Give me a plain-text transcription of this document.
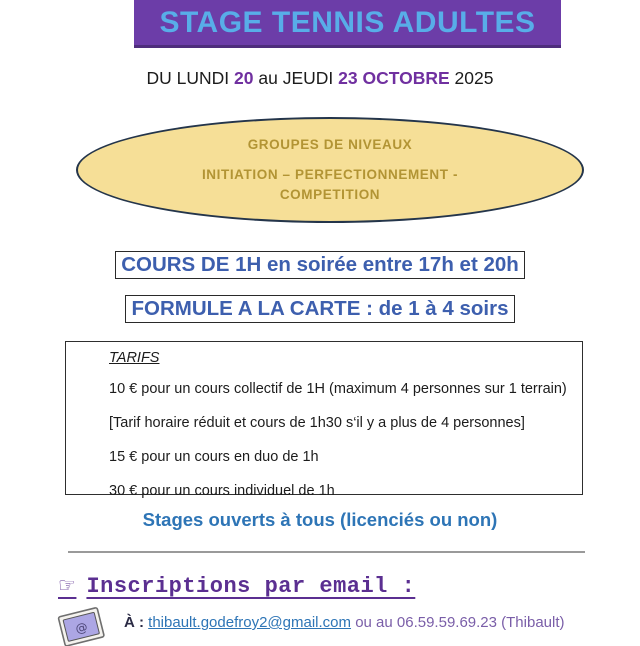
STAGE TENNIS ADULTES
DU LUNDI 20 au JEUDI 23 OCTOBRE 2025
GROUPES DE NIVEAUX
INITIATION – PERFECTIONNEMENT -
COMPETITION
COURS DE 1H en soirée entre 17h et 20h
FORMULE A LA CARTE : de 1 à 4 soirs
TARIFS
10 € pour un cours collectif de 1H (maximum 4 personnes sur 1 terrain)
[Tarif horaire réduit et cours de 1h30 s‘il y a plus de 4 personnes]
15 € pour un cours en duo de 1h
30 € pour un cours individuel de 1h
Stages ouverts à tous (licenciés ou non)
☞ Inscriptions par email :
@ À : thibault.godefroy2@gmail.com ou au 06.59.59.69.23 (Thibault)
